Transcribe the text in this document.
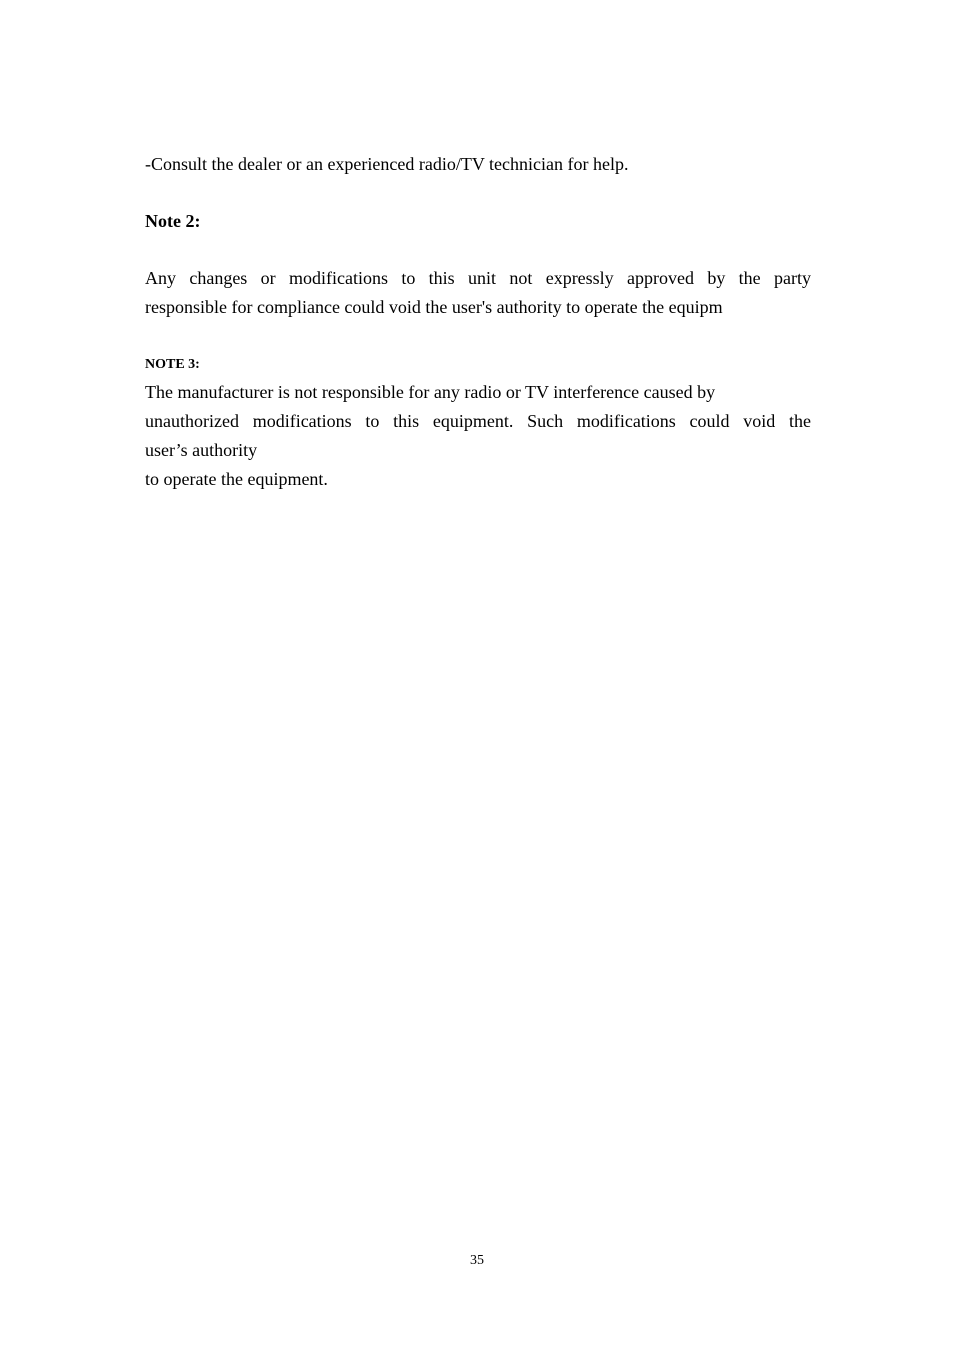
-Consult the dealer or an experienced radio/TV technician for help.

Note 2:

Any changes or modifications to this unit not expressly approved by the party

responsible for compliance could void the user's authority to operate the equipm

NOTE 3:

The manufacturer is not responsible for any radio or TV interference caused by

unauthorized modifications to this equipment. Such modifications could void the

user’s authority

to operate the equipment.

35
